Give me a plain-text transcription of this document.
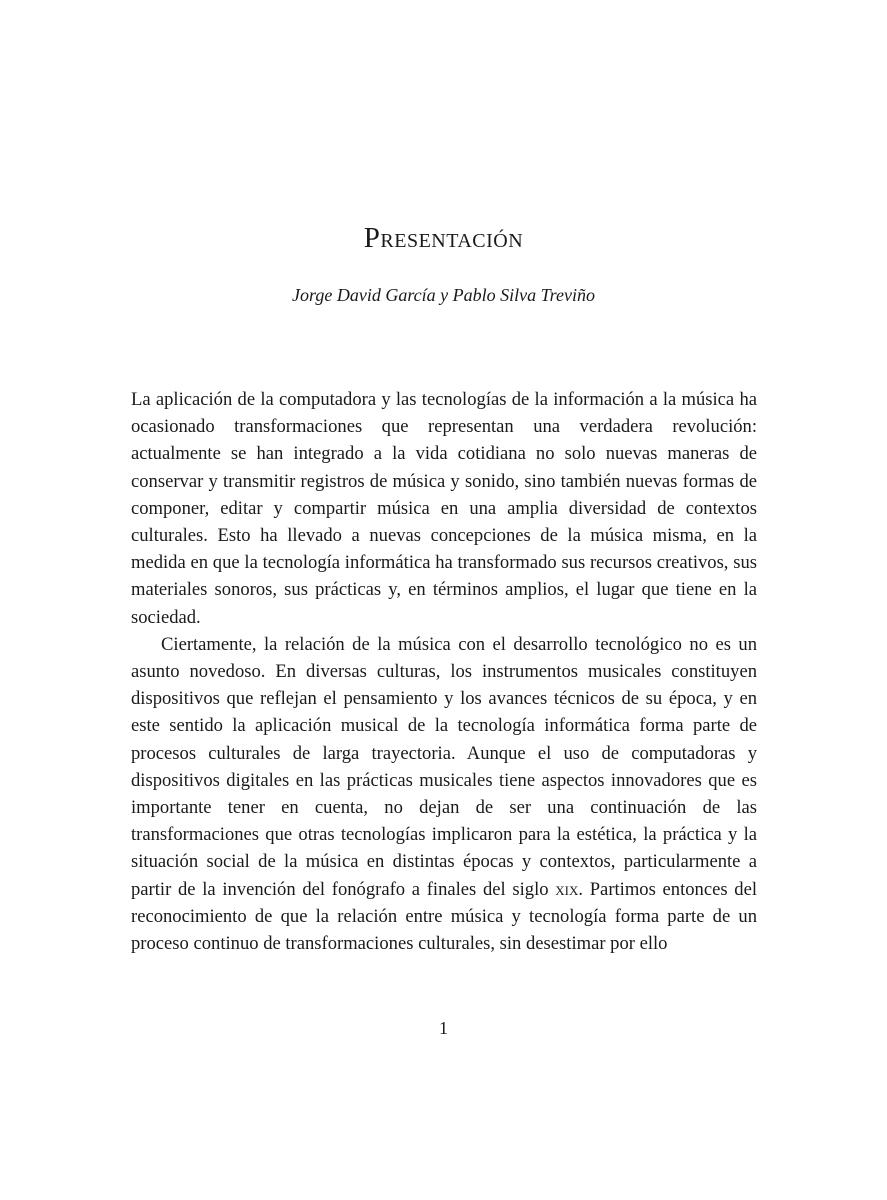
Presentación
Jorge David García y Pablo Silva Treviño

La aplicación de la computadora y las tecnologías de la información a la música ha ocasionado transformaciones que representan una verdadera revolución: actualmente se han integrado a la vida cotidiana no solo nuevas maneras de conservar y transmitir registros de música y sonido, sino también nuevas formas de componer, editar y compartir música en una amplia diversidad de contextos culturales. Esto ha llevado a nuevas concepciones de la música misma, en la medida en que la tecnología informática ha transformado sus recursos creativos, sus materiales sonoros, sus prácticas y, en términos amplios, el lugar que tiene en la sociedad.

Ciertamente, la relación de la música con el desarrollo tecnológico no es un asunto novedoso. En diversas culturas, los instrumentos musicales constituyen dispositivos que reflejan el pensamiento y los avances técnicos de su época, y en este sentido la aplicación musical de la tecnología informática forma parte de procesos culturales de larga trayectoria. Aunque el uso de computadoras y dispositivos digitales en las prácticas musicales tiene aspectos innovadores que es importante tener en cuenta, no dejan de ser una continuación de las transformaciones que otras tecnologías implicaron para la estética, la práctica y la situación social de la música en distintas épocas y contextos, particularmente a partir de la invención del fonógrafo a finales del siglo xix. Partimos entonces del reconocimiento de que la relación entre música y tecnología forma parte de un proceso continuo de transformaciones culturales, sin desestimar por ello

1
